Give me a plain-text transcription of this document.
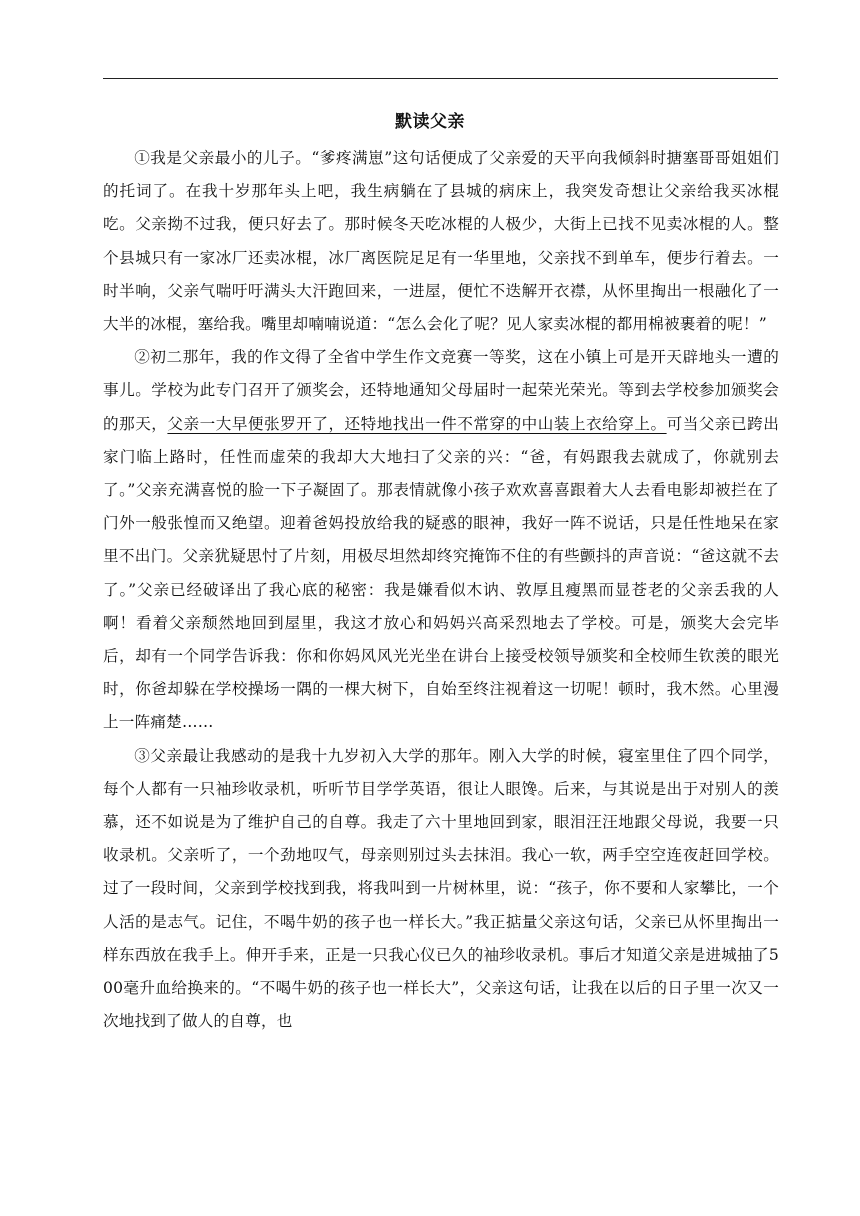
默读父亲

①我是父亲最小的儿子。“爹疼满崽”这句话便成了父亲爱的天平向我倾斜时搪塞哥哥姐姐们的托词了。在我十岁那年头上吧，我生病躺在了县城的病床上，我突发奇想让父亲给我买冰棍吃。父亲拗不过我，便只好去了。那时候冬天吃冰棍的人极少，大街上已找不见卖冰棍的人。整个县城只有一家冰厂还卖冰棍，冰厂离医院足足有一华里地，父亲找不到单车，便步行着去。一时半响，父亲气喘吁吁满头大汗跑回来，一进屋，便忙不迭解开衣襟，从怀里掏出一根融化了一大半的冰棍，塞给我。嘴里却喃喃说道：“怎么会化了呢？见人家卖冰棍的都用棉被裹着的呢！”

②初二那年，我的作文得了全省中学生作文竞赛一等奖，这在小镇上可是开天辟地头一遭的事儿。学校为此专门召开了颁奖会，还特地通知父母届时一起荣光荣光。等到去学校参加颁奖会的那天，父亲一大早便张罗开了，还特地找出一件不常穿的中山装上衣给穿上。可当父亲已跨出家门临上路时，任性而虚荣的我却大大地扫了父亲的兴：“爸，有妈跟我去就成了，你就别去了。”父亲充满喜悦的脸一下子凝固了。那表情就像小孩子欢欢喜喜跟着大人去看电影却被拦在了门外一般张惶而又绝望。迎着爸妈投放给我的疑惑的眼神，我好一阵不说话，只是任性地呆在家里不出门。父亲犹疑思忖了片刻，用极尽坦然却终究掩饰不住的有些颤抖的声音说：“爸这就不去了。”父亲已经破译出了我心底的秘密：我是嫌看似木讷、敦厚且瘦黑而显苍老的父亲丢我的人啊！看着父亲颓然地回到屋里，我这才放心和妈妈兴高采烈地去了学校。可是，颁奖大会完毕后，却有一个同学告诉我：你和你妈风风光光坐在讲台上接受校领导颁奖和全校师生钦羡的眼光时，你爸却躲在学校操场一隅的一棵大树下，自始至终注视着这一切呢！顿时，我木然。心里漫上一阵痛楚……

③父亲最让我感动的是我十九岁初入大学的那年。刚入大学的时候，寝室里住了四个同学，每个人都有一只袖珍收录机，听听节目学学英语，很让人眼馋。后来，与其说是出于对别人的羡慕，还不如说是为了维护自己的自尊。我走了六十里地回到家，眼泪汪汪地跟父母说，我要一只收录机。父亲听了，一个劲地叹气，母亲则别过头去抹泪。我心一软，两手空空连夜赶回学校。过了一段时间，父亲到学校找到我，将我叫到一片树林里，说：“孩子，你不要和人家攀比，一个人活的是志气。记住，不喝牛奶的孩子也一样长大。”我正掂量父亲这句话，父亲已从怀里掏出一样东西放在我手上。伸开手来，正是一只我心仪已久的袖珍收录机。事后才知道父亲是进城抽了500毫升血给换来的。“不喝牛奶的孩子也一样长大”，父亲这句话，让我在以后的日子里一次又一次地找到了做人的自尊，也
